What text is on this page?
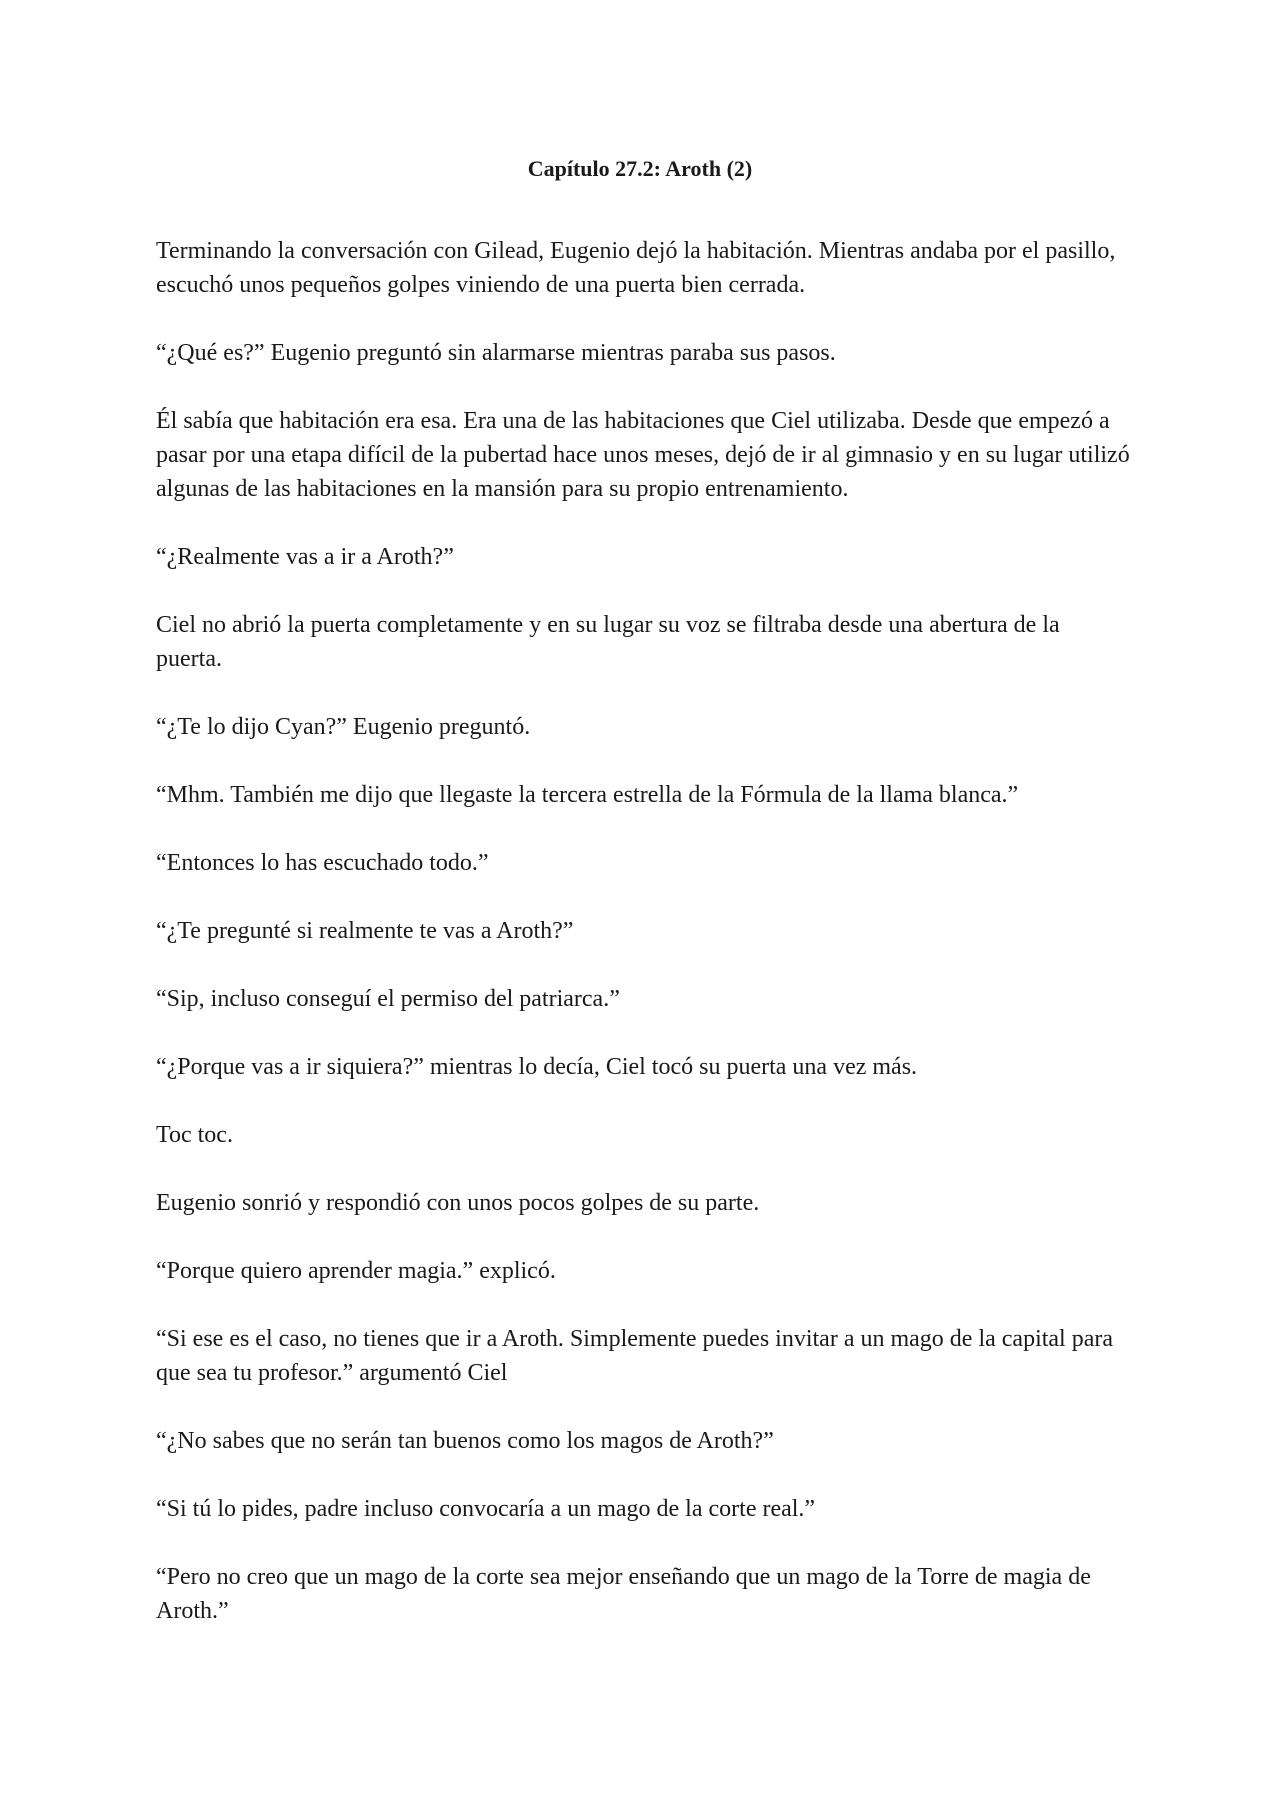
Capítulo 27.2: Aroth (2)

Terminando la conversación con Gilead, Eugenio dejó la habitación. Mientras andaba por el pasillo, escuchó unos pequeños golpes viniendo de una puerta bien cerrada.

“¿Qué es?” Eugenio preguntó sin alarmarse mientras paraba sus pasos.

Él sabía que habitación era esa. Era una de las habitaciones que Ciel utilizaba. Desde que empezó a pasar por una etapa difícil de la pubertad hace unos meses, dejó de ir al gimnasio y en su lugar utilizó algunas de las habitaciones en la mansión para su propio entrenamiento.

“¿Realmente vas a ir a Aroth?”

Ciel no abrió la puerta completamente y en su lugar su voz se filtraba desde una abertura de la puerta.

“¿Te lo dijo Cyan?” Eugenio preguntó.

“Mhm. También me dijo que llegaste la tercera estrella de la Fórmula de la llama blanca.”

“Entonces lo has escuchado todo.”

“¿Te pregunté si realmente te vas a Aroth?”

“Sip, incluso conseguí el permiso del patriarca.”

“¿Porque vas a ir siquiera?” mientras lo decía, Ciel tocó su puerta una vez más.

Toc toc.

Eugenio sonrió y respondió con unos pocos golpes de su parte.

“Porque quiero aprender magia.” explicó.

“Si ese es el caso, no tienes que ir a Aroth. Simplemente puedes invitar a un mago de la capital para que sea tu profesor.” argumentó Ciel

“¿No sabes que no serán tan buenos como los magos de Aroth?”

“Si tú lo pides, padre incluso convocaría a un mago de la corte real.”

“Pero no creo que un mago de la corte sea mejor enseñando que un mago de la Torre de magia de Aroth.”
